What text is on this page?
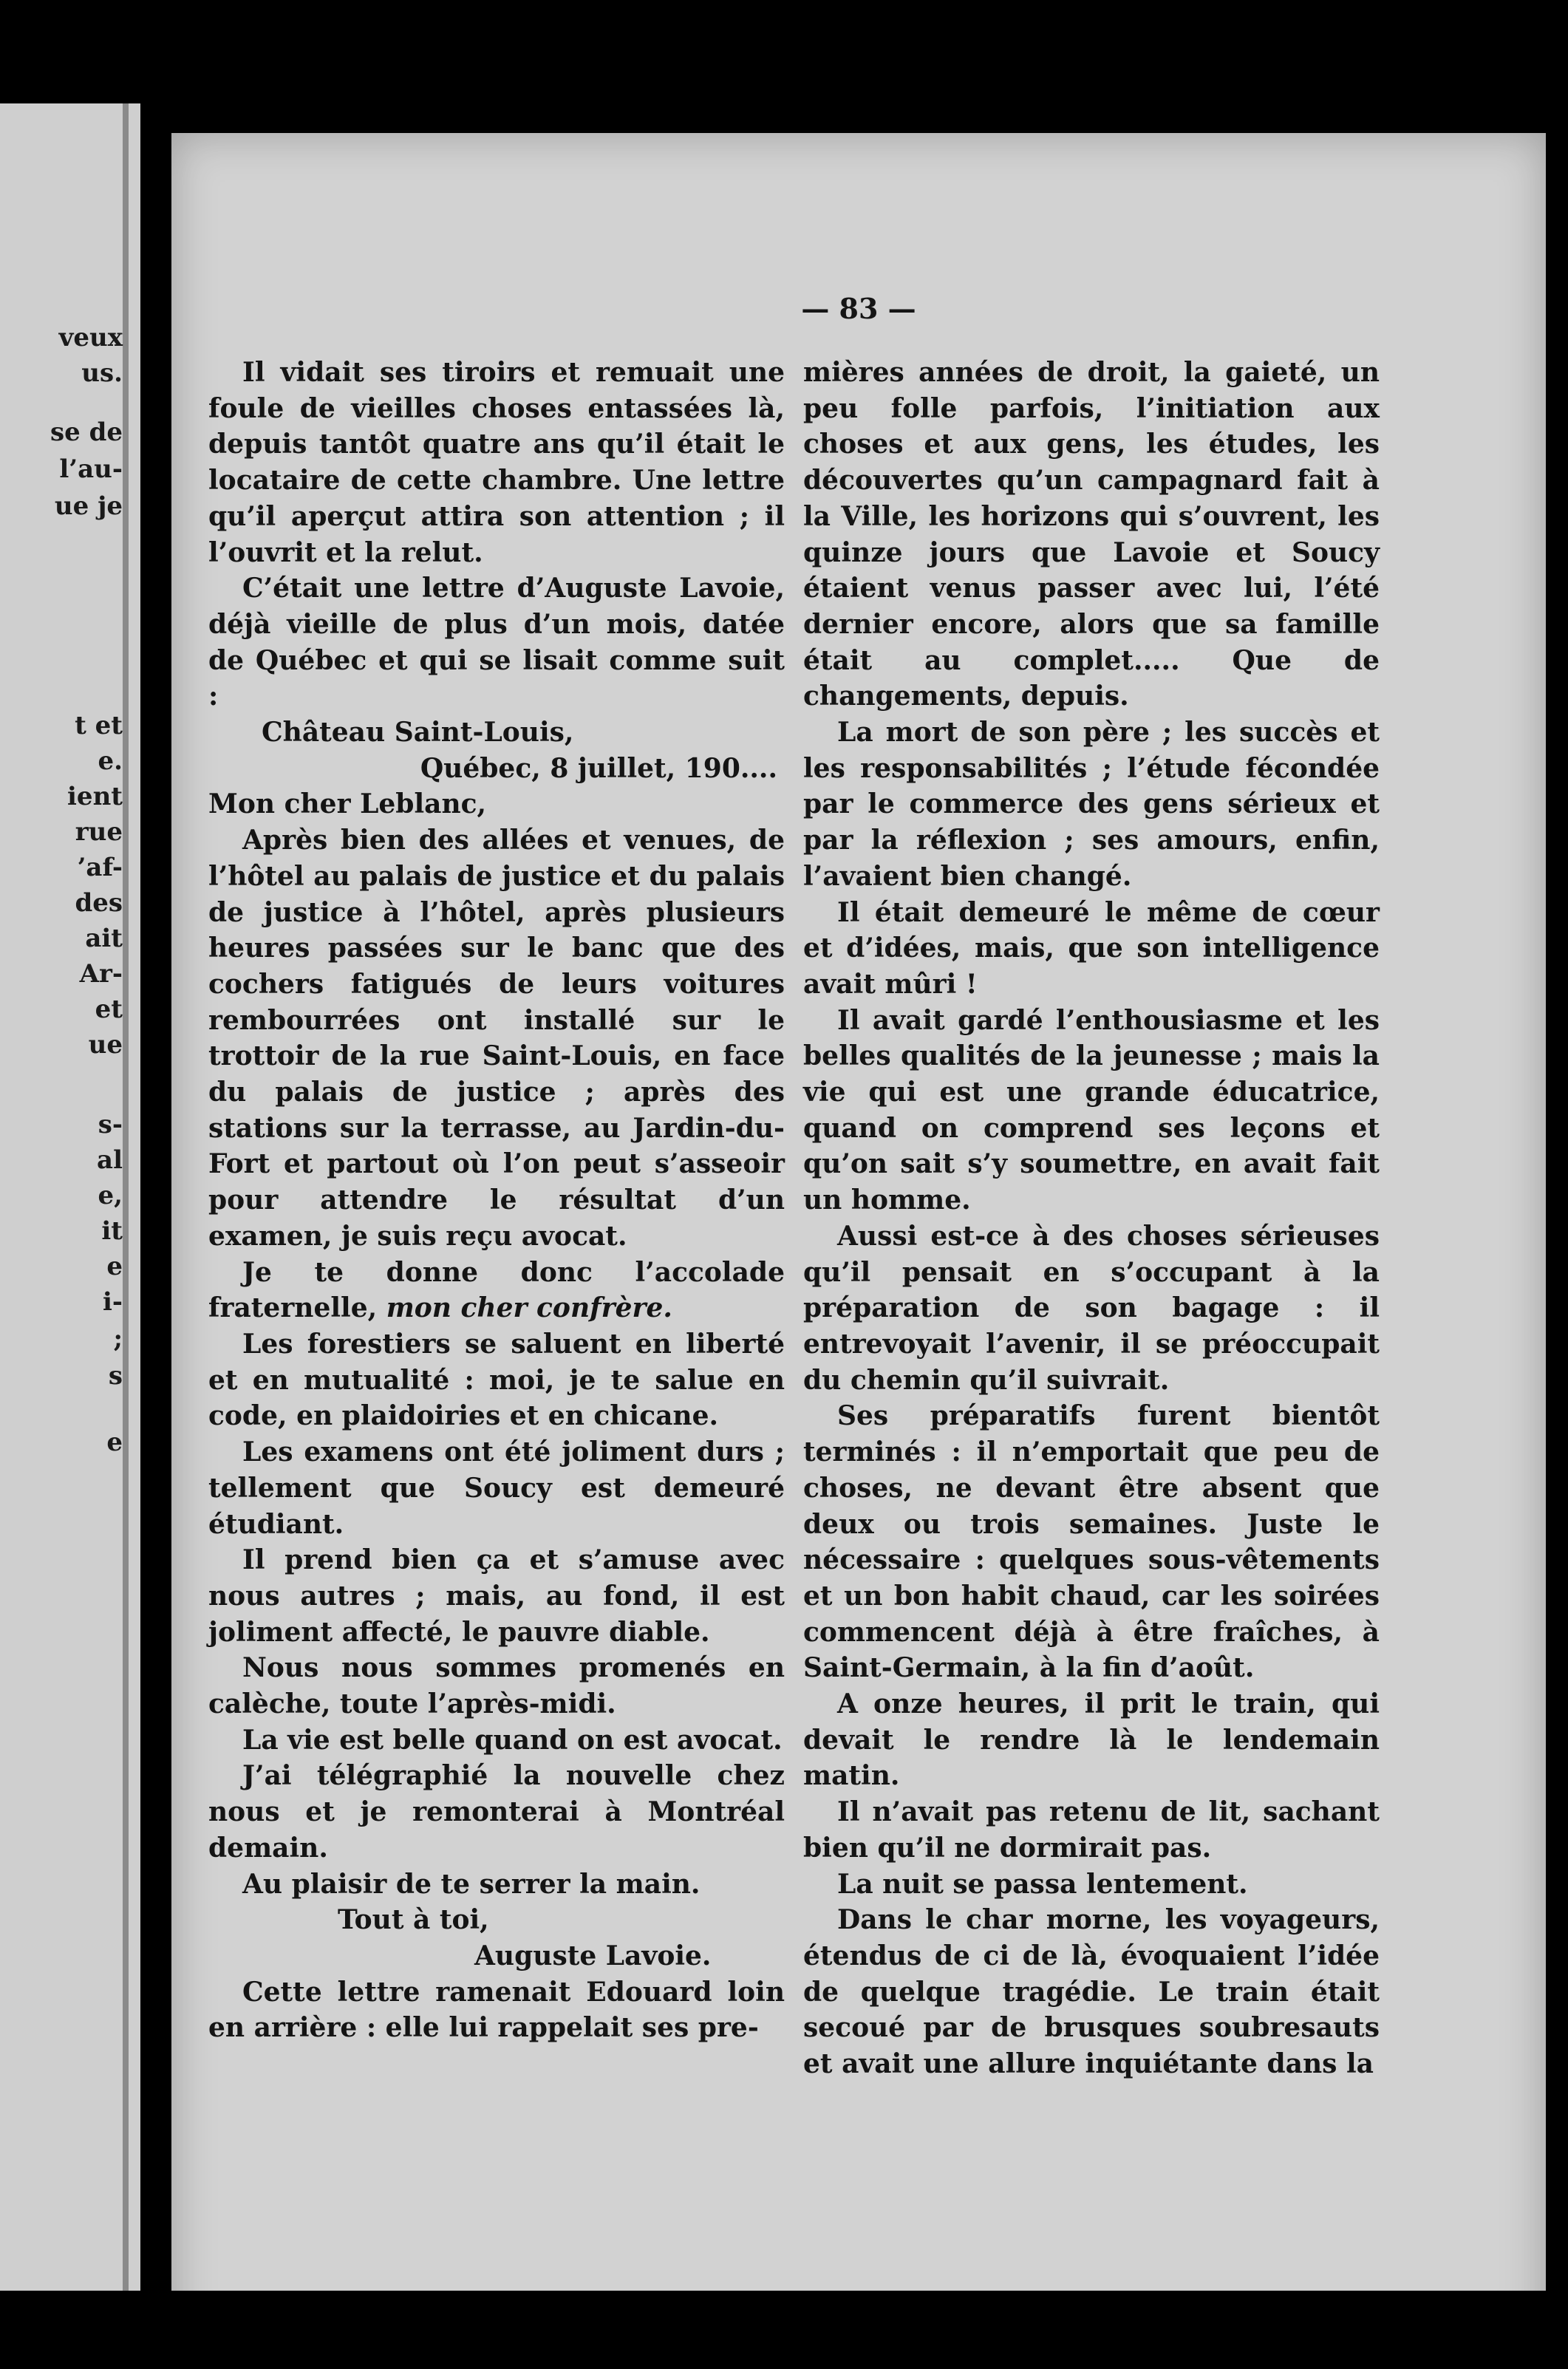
veux
us.
se de
l’au-
ue je
t et
e.
ient
rue
’af-
des
ait
Ar-
et
ue
s-
al
e,
it
e
i-
;
s
e
— 83 —

Il vidait ses tiroirs et remuait une foule de vieilles choses entassées là, depuis tantôt quatre ans qu’il était le locataire de cette chambre. Une lettre qu’il aperçut attira son attention ; il l’ouvrit et la relut.

C’était une lettre d’Auguste Lavoie, déjà vieille de plus d’un mois, datée de Québec et qui se lisait comme suit :

Château Saint-Louis,

Québec, 8 juillet, 190....

Mon cher Leblanc,

Après bien des allées et venues, de l’hôtel au palais de justice et du palais de justice à l’hôtel, après plusieurs heures passées sur le banc que des cochers fatigués de leurs voitures rembourrées ont installé sur le trottoir de la rue Saint-Louis, en face du palais de justice ; après des stations sur la terrasse, au Jardin-du-Fort et partout où l’on peut s’asseoir pour attendre le résultat d’un examen, je suis reçu avocat.

Je te donne donc l’accolade fraternelle, mon cher confrère.

Les forestiers se saluent en liberté et en mutualité : moi, je te salue en code, en plaidoiries et en chicane.

Les examens ont été joliment durs ; tellement que Soucy est demeuré étudiant.

Il prend bien ça et s’amuse avec nous autres ; mais, au fond, il est joliment affecté, le pauvre diable.

Nous nous sommes promenés en calèche, toute l’après-midi.

La vie est belle quand on est avocat.

J’ai télégraphié la nouvelle chez nous et je remonterai à Montréal demain.

Au plaisir de te serrer la main.

Tout à toi,

Auguste Lavoie.

Cette lettre ramenait Edouard loin en arrière : elle lui rappelait ses pre-

mières années de droit, la gaieté, un peu folle parfois, l’initiation aux choses et aux gens, les études, les découvertes qu’un campagnard fait à la Ville, les horizons qui s’ouvrent, les quinze jours que Lavoie et Soucy étaient venus passer avec lui, l’été dernier encore, alors que sa famille était au complet..... Que de changements, depuis.

La mort de son père ; les succès et les responsabilités ; l’étude fécondée par le commerce des gens sérieux et par la réflexion ; ses amours, enfin, l’avaient bien changé.

Il était demeuré le même de cœur et d’idées, mais, que son intelligence avait mûri !

Il avait gardé l’enthousiasme et les belles qualités de la jeunesse ; mais la vie qui est une grande éducatrice, quand on comprend ses leçons et qu’on sait s’y soumettre, en avait fait un homme.

Aussi est-ce à des choses sérieuses qu’il pensait en s’occupant à la préparation de son bagage : il entrevoyait l’avenir, il se préoccupait du chemin qu’il suivrait.

Ses préparatifs furent bientôt terminés : il n’emportait que peu de choses, ne devant être absent que deux ou trois semaines. Juste le nécessaire : quelques sous-vêtements et un bon habit chaud, car les soirées commencent déjà à être fraîches, à Saint-Germain, à la fin d’août.

A onze heures, il prit le train, qui devait le rendre là le lendemain matin.

Il n’avait pas retenu de lit, sachant bien qu’il ne dormirait pas.

La nuit se passa lentement.

Dans le char morne, les voyageurs, étendus de ci de là, évoquaient l’idée de quelque tragédie. Le train était secoué par de brusques soubresauts et avait une allure inquiétante dans la
